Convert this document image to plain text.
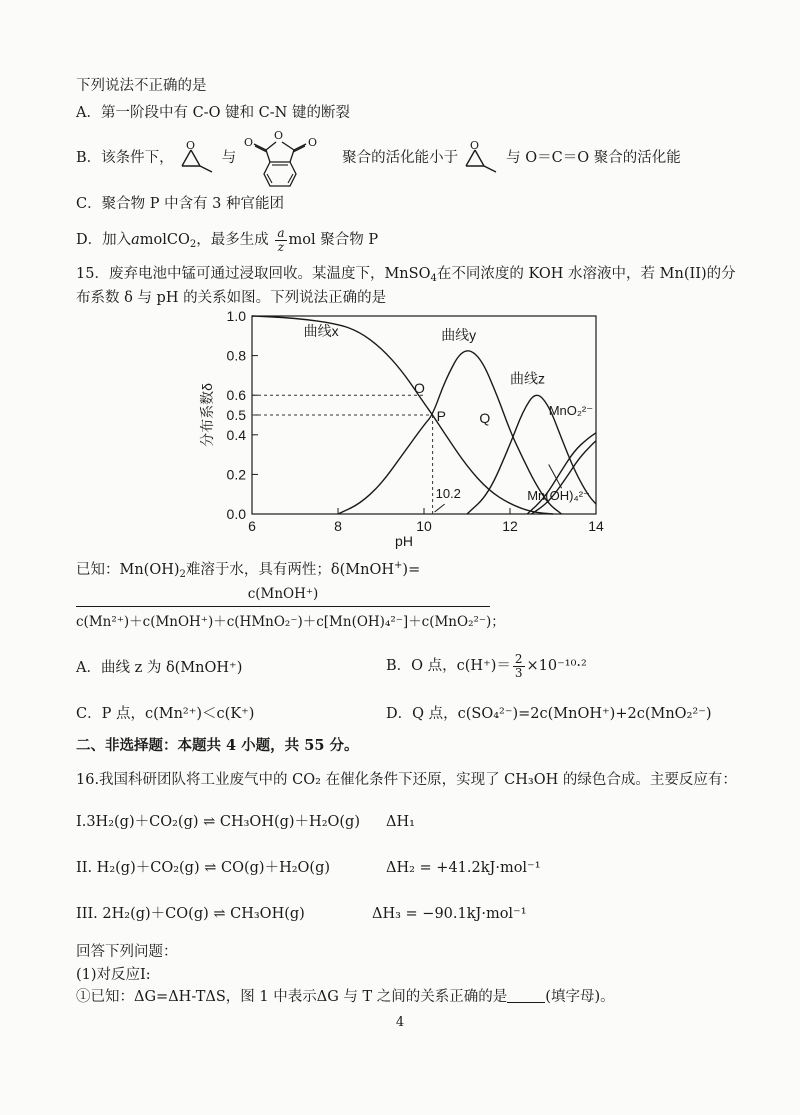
下列说法不正确的是
A．第一阶段中有 C-O 键和 C-N 键的断裂
B．该条件下，
O
与
O
O	O
聚合的活化能小于
O
与 O＝C＝O 聚合的活化能
C．聚合物 P 中含有 3 种官能团
D．加入amolCO$_2$，最多生成 $\frac{a}{z}$ mol 聚合物 P
15．废弃电池中锰可通过浸取回收。某温度下，MnSO$_4$在不同浓度的 KOH 水溶液中，若 Mn(II)的分
布系数 δ 与 pH 的关系如图。下列说法正确的是
0.0
0.2
0.4
0.5
0.6
0.8
1.0
6	8	10	12	14
pH
分布系数δ
曲线x	曲线y
曲线z
O
P Q	MnO₂²⁻
Mn(OH)₄²⁻
10.2
已知：$Mn(OH)_2$难溶于水，具有两性；δ(MnOH+)=
c(MnOH⁺)
c(Mn²⁺)＋c(MnOH⁺)＋c(HMnO₂⁻)＋c[Mn(OH)₄²⁻]＋c(MnO₂²⁻)；
A．曲线 z 为 δ(MnOH⁺)	B．O 点，$c(H^+)= \frac{2}{3} \times 10^{-10}\cdot^2$
C．P 点，c(Mn²⁺)＜c(K⁺)	D．Q 点，c(SO₄²⁻)=2c(MnOH⁺)+2c(MnO₂²⁻)
二、非选择题：本题共 4 小题，共 55 分。
16.我国科研团队将工业废气中的 CO₂ 在催化条件下还原，实现了 CH₃OH 的绿色合成。主要反应有：
I.3H₂(g)＋CO₂(g) ⇌ CH₃OH(g)＋H₂O(g) ΔH₁
II. H₂(g)＋CO₂(g) ⇌ CO(g)＋H₂O(g)	ΔH₂ = +41.2kJ·mol⁻¹
III. 2H₂(g)＋CO(g) ⇌ CH₃OH(g)	ΔH₃ = −90.1kJ·mol⁻¹
回答下列问题：
(1)对反应I:
①已知：ΔG=ΔH-TΔS，图 1 中表示ΔG 与 T 之间的关系正确的是	(填字母)。
4
